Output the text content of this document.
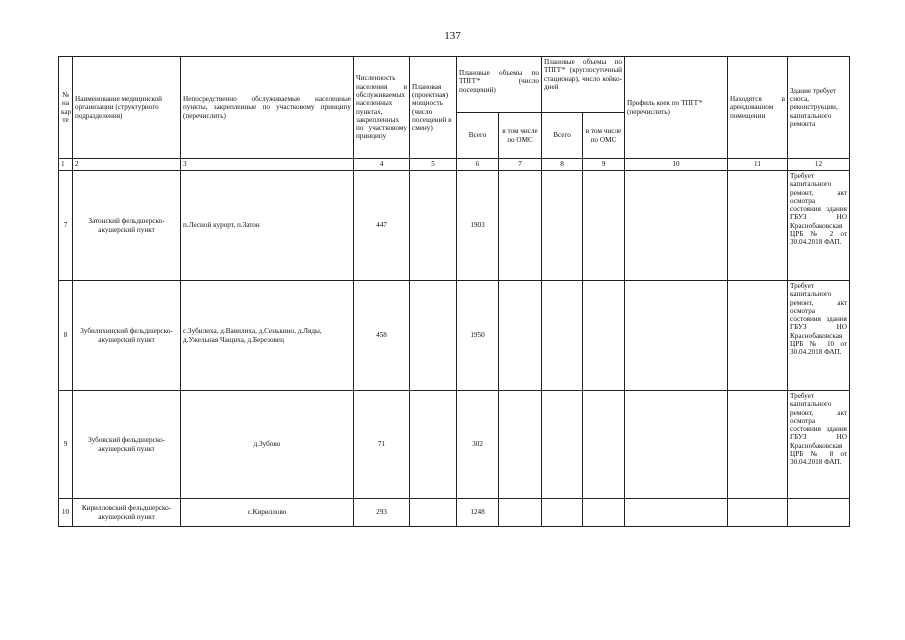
137
№ на кар те	Наименование медицинской организации (структурного подразделения)	Непосредственно обслуживаемые населенные пункты, закрепленные по участковому принципу (перечислить)	Численность населения в обслуживаемых населенных пунктах, закрепленных по участковому принципу	Плановая (проектная) мощность (число посещений в смену)	Плановые объемы по ТПГГ* (число посещений)		Плановые объемы по ТПГГ* (круглосуточный стационар), число койко-дней		Профиль коек по ТПГГ* (перечислить)	Находятся в арендованном помещении	Здание требует сноса, реконструкции, капитального ремонта
					Всего	в том числе по ОМС	Всего	в том числе по ОМС			
1	2	3	4	5	6	7	8	9	10	11	12
7	Затонский фельдшерско-акушерский пункт	п.Лесной курорт, п.Затон	447		1903						Требует капитального ремонт, акт осмотра состояния здания ГБУЗ НО Краснобаковская ЦРБ № 2 от 30.04.2018 ФАП.
8	Зубилихинский фельдшерско-акушерский пункт	с.Зубилиха, д.Вавилиха, д.Сенькино, д.Ляды, д.Ужельная Чащиха, д.Березовец	458		1950						Требует капитального ремонт, акт осмотра состояния здания ГБУЗ НО Краснобаковская ЦРБ № 10 от 30.04.2018 ФАП.
9	Зубовский фельдшерско-акушерский пункт	д.Зубово	71		302						Требует капитального ремонт, акт осмотра состояния здания ГБУЗ НО Краснобаковская ЦРБ № 8 от 30.04.2018 ФАП.
10	Кирилловский фельдшерско-акушерский пункт	с.Кириллово	293		1248						
